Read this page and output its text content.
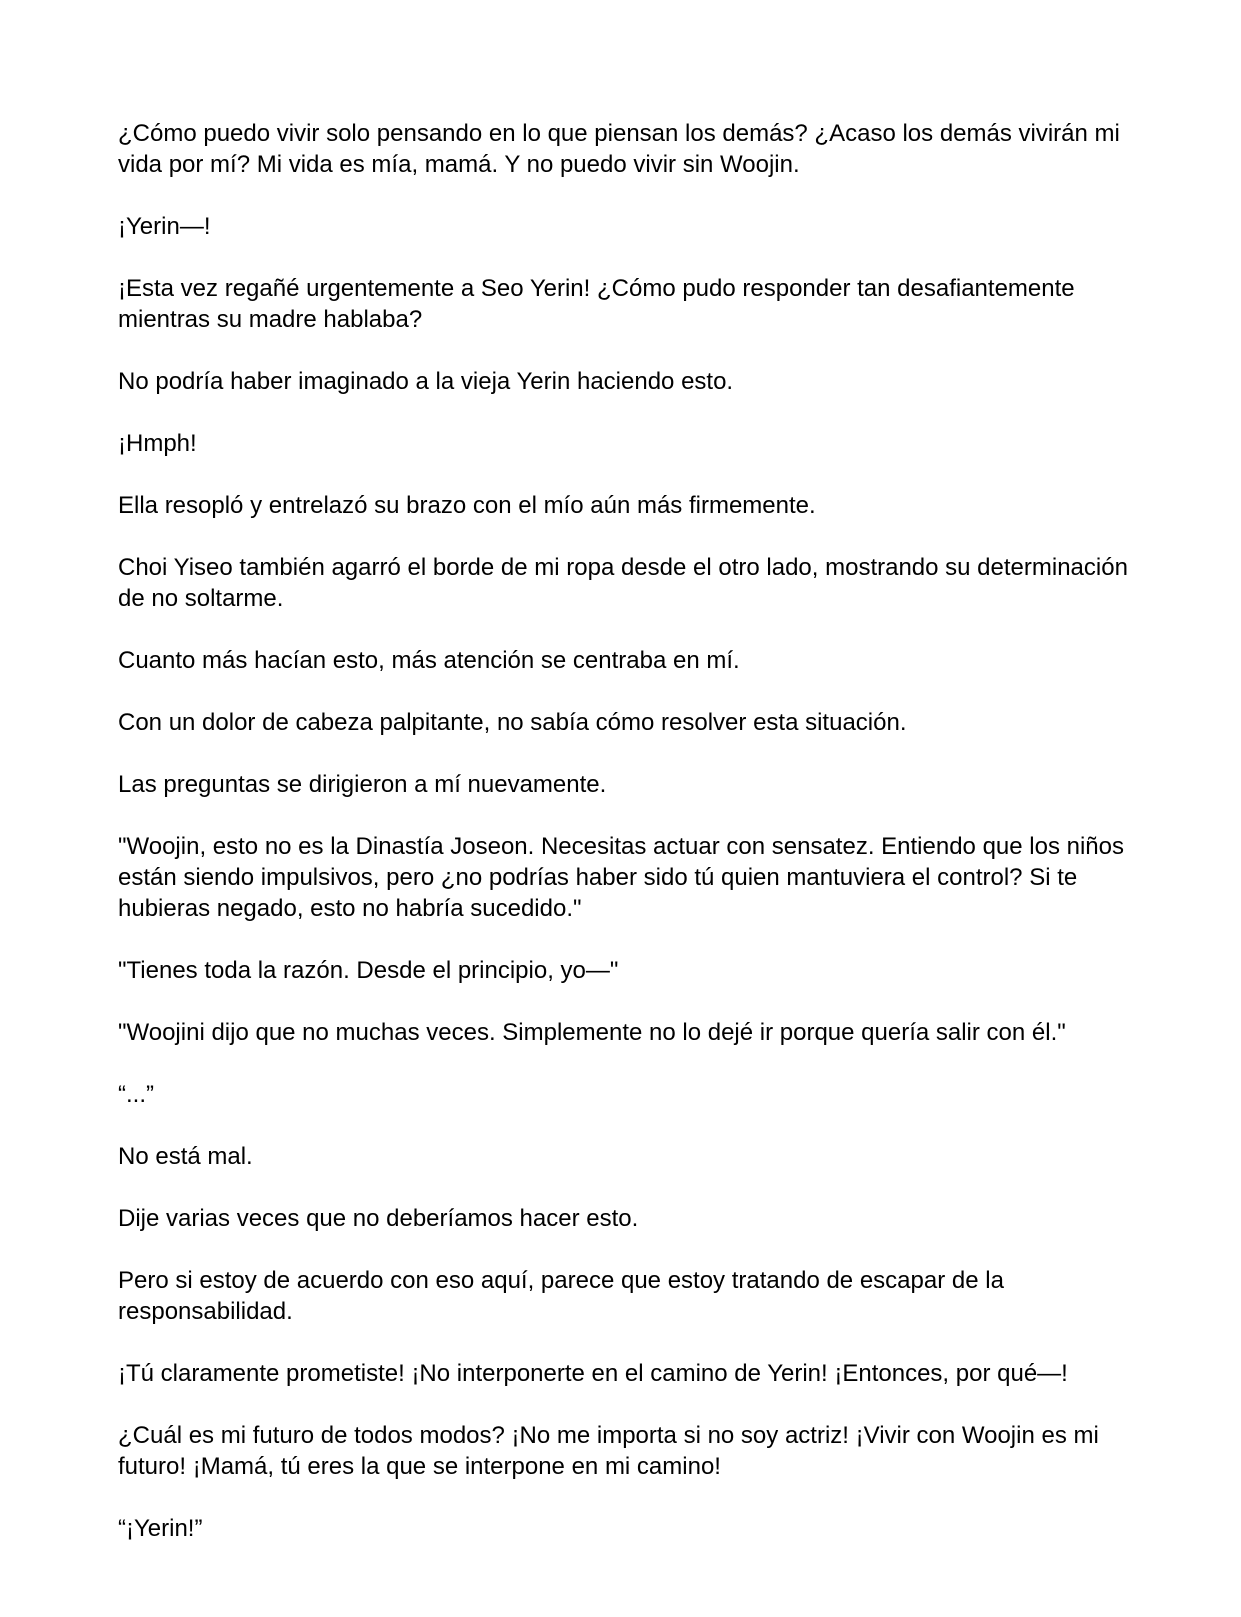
¿Cómo puedo vivir solo pensando en lo que piensan los demás? ¿Acaso los demás vivirán mi vida por mí? Mi vida es mía, mamá. Y no puedo vivir sin Woojin.

¡Yerin—!

¡Esta vez regañé urgentemente a Seo Yerin! ¿Cómo pudo responder tan desafiantemente mientras su madre hablaba?

No podría haber imaginado a la vieja Yerin haciendo esto.

¡Hmph!

Ella resopló y entrelazó su brazo con el mío aún más firmemente.

Choi Yiseo también agarró el borde de mi ropa desde el otro lado, mostrando su determinación de no soltarme.

Cuanto más hacían esto, más atención se centraba en mí.

Con un dolor de cabeza palpitante, no sabía cómo resolver esta situación.

Las preguntas se dirigieron a mí nuevamente.

"Woojin, esto no es la Dinastía Joseon. Necesitas actuar con sensatez. Entiendo que los niños están siendo impulsivos, pero ¿no podrías haber sido tú quien mantuviera el control? Si te hubieras negado, esto no habría sucedido."

"Tienes toda la razón. Desde el principio, yo—"

"Woojini dijo que no muchas veces. Simplemente no lo dejé ir porque quería salir con él."

“...”

No está mal.

Dije varias veces que no deberíamos hacer esto.

Pero si estoy de acuerdo con eso aquí, parece que estoy tratando de escapar de la responsabilidad.

¡Tú claramente prometiste! ¡No interponerte en el camino de Yerin! ¡Entonces, por qué—!

¿Cuál es mi futuro de todos modos? ¡No me importa si no soy actriz! ¡Vivir con Woojin es mi futuro! ¡Mamá, tú eres la que se interpone en mi camino!

“¡Yerin!”
